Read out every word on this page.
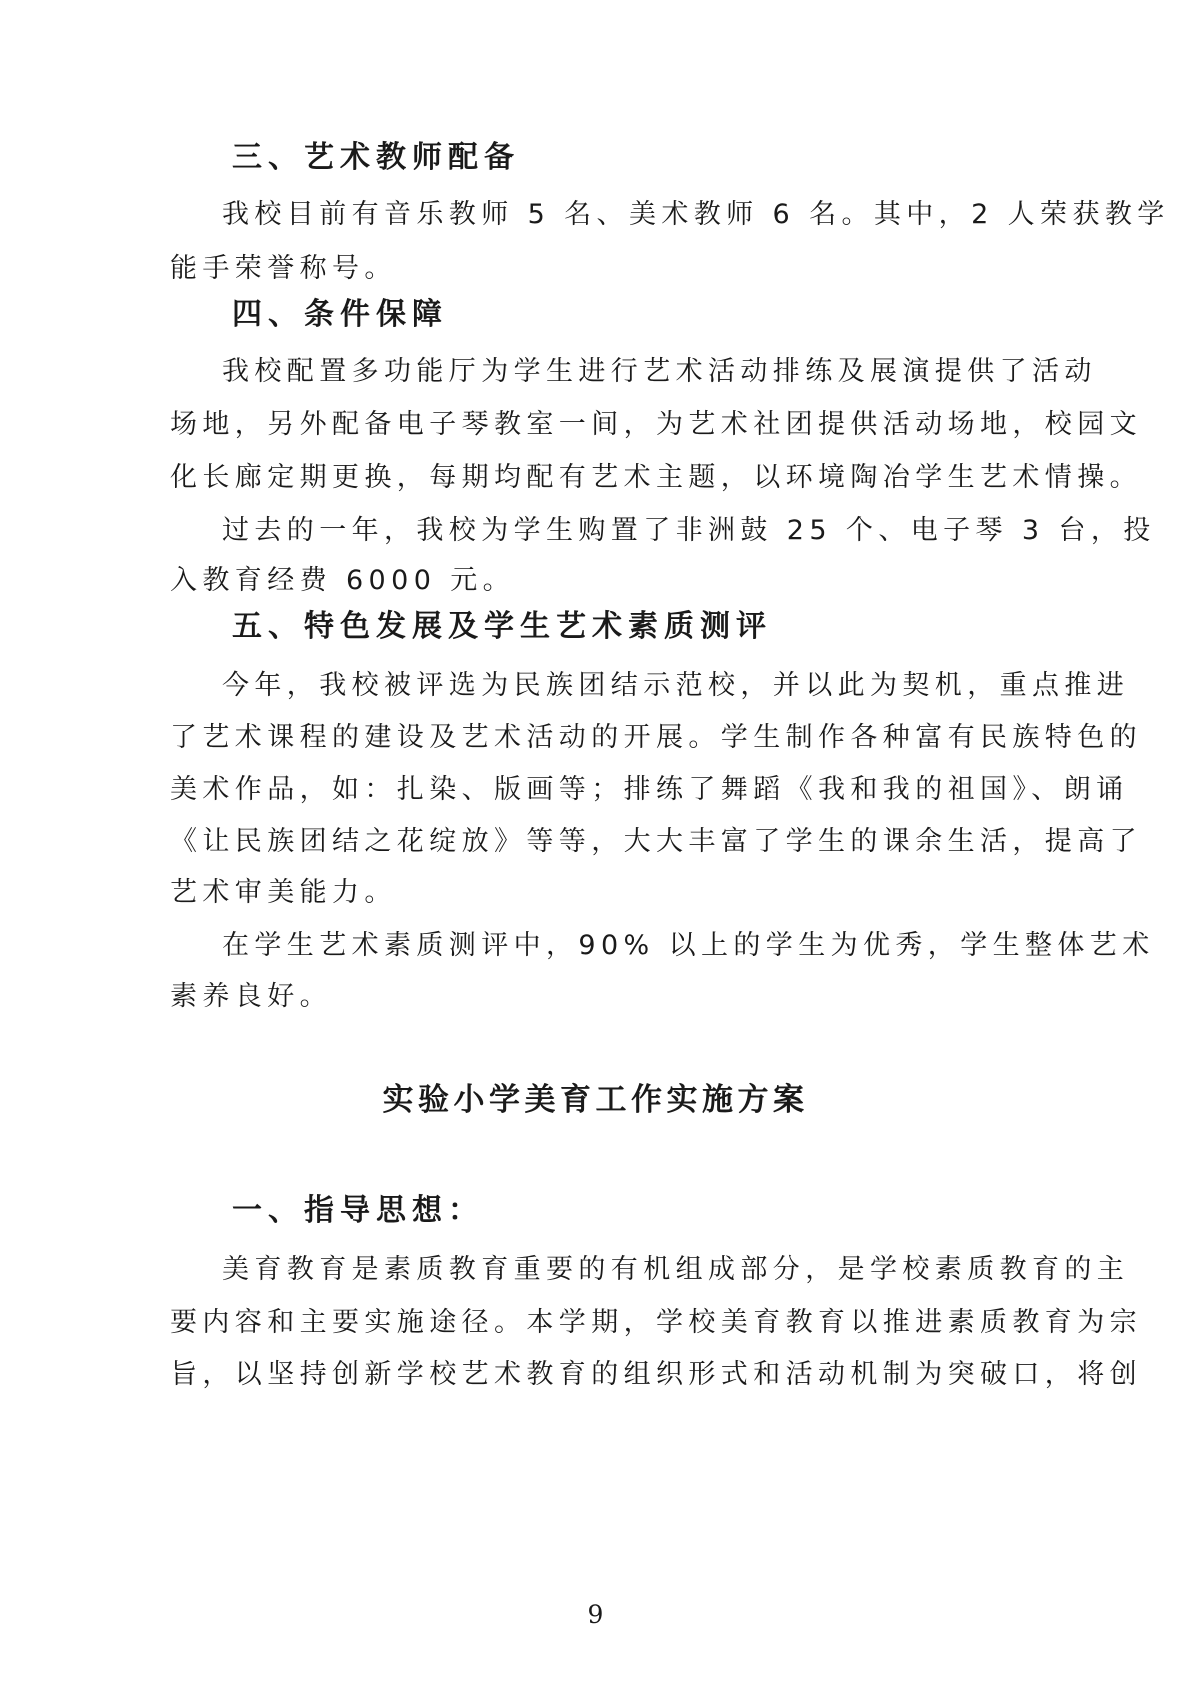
三、艺术教师配备

我校目前有音乐教师 5 名、美术教师 6 名。其中，2 人荣获教学

能手荣誉称号。

四、条件保障

我校配置多功能厅为学生进行艺术活动排练及展演提供了活动

场地，另外配备电子琴教室一间，为艺术社团提供活动场地，校园文

化长廊定期更换，每期均配有艺术主题，以环境陶冶学生艺术情操。

过去的一年，我校为学生购置了非洲鼓 25 个、电子琴 3 台，投

入教育经费 6000 元。

五、特色发展及学生艺术素质测评

今年，我校被评选为民族团结示范校，并以此为契机，重点推进

了艺术课程的建设及艺术活动的开展。学生制作各种富有民族特色的

美术作品，如：扎染、版画等；排练了舞蹈《我和我的祖国》、朗诵

《让民族团结之花绽放》等等，大大丰富了学生的课余生活，提高了

艺术审美能力。

在学生艺术素质测评中，90% 以上的学生为优秀，学生整体艺术

素养良好。

实验小学美育工作实施方案
一、指导思想：

美育教育是素质教育重要的有机组成部分，是学校素质教育的主

要内容和主要实施途径。本学期，学校美育教育以推进素质教育为宗

旨，以坚持创新学校艺术教育的组织形式和活动机制为突破口，将创

9
